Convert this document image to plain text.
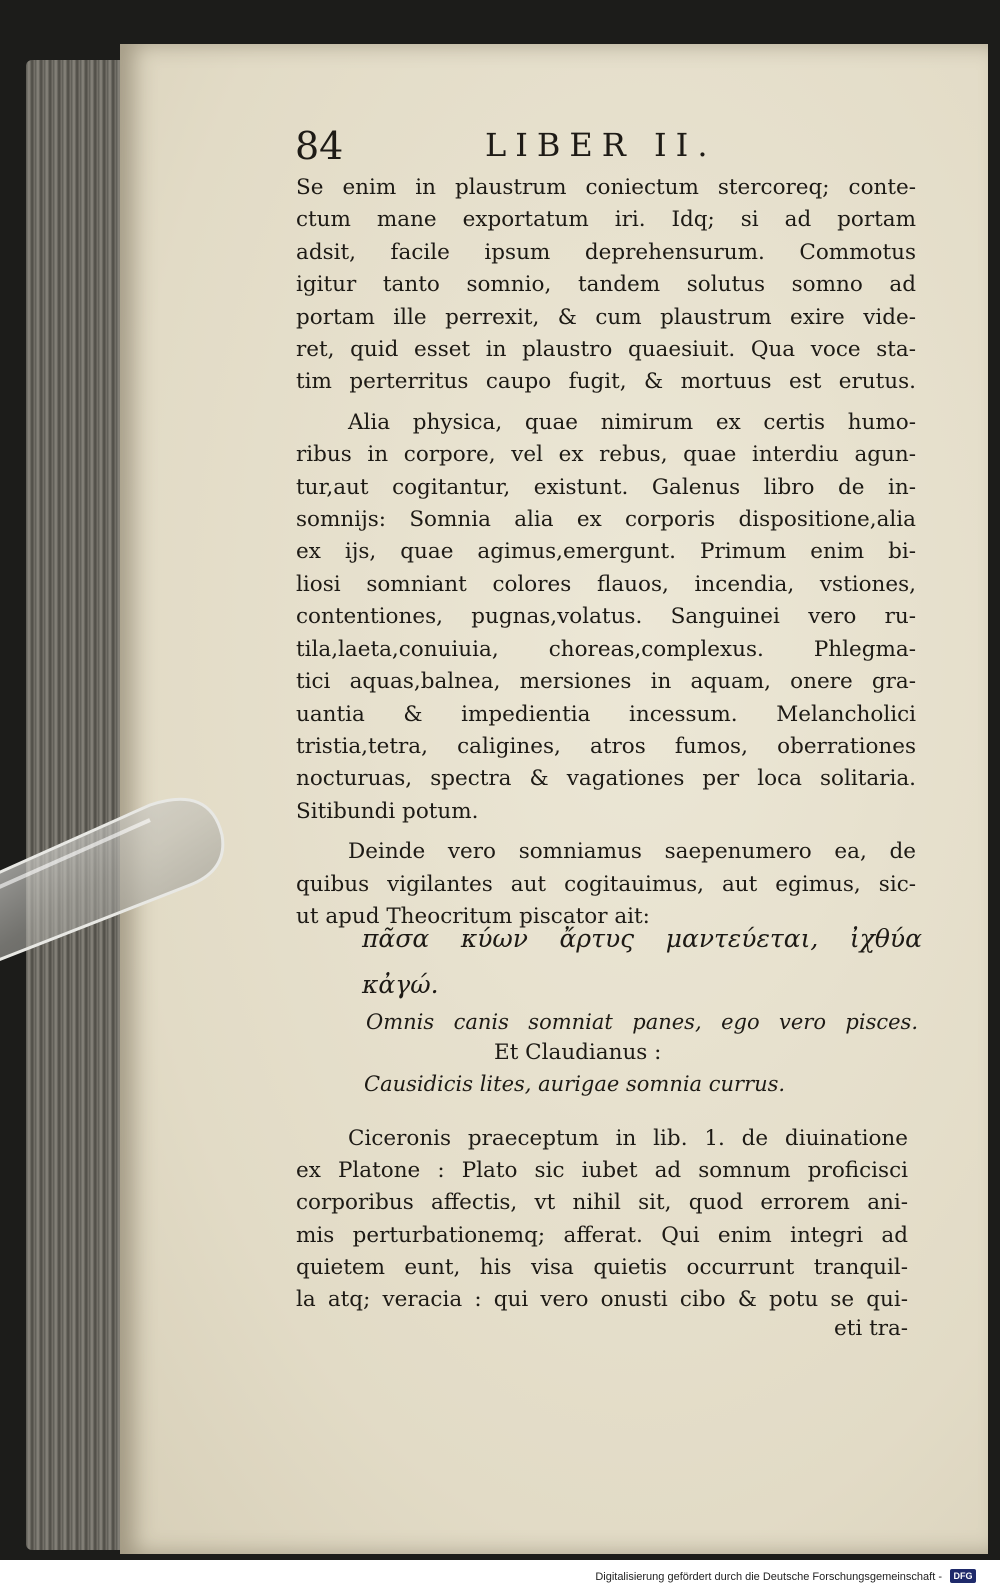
84	LIBER II.
Se enim in plaustrum coniectum stercoreq; conte-
ctum mane exportatum iri. Idq; si ad portam
adsit, facile ipsum deprehensurum. Commotus
igitur tanto somnio, tandem solutus somno ad
portam ille perrexit, & cum plaustrum exire vide-
ret, quid esset in plaustro quaesiuit. Qua voce sta-
tim perterritus caupo fugit, & mortuus est erutus.
Alia physica, quae nimirum ex certis humo-
ribus in corpore, vel ex rebus, quae interdiu agun-
tur,aut cogitantur, existunt. Galenus libro de in-
somnijs: Somnia alia ex corporis dispositione,alia
ex ijs, quae agimus,emergunt. Primum enim bi-
liosi somniant colores flauos, incendia, vstiones,
contentiones, pugnas,volatus. Sanguinei vero ru-
tila,laeta,conuiuia, choreas,complexus. Phlegma-
tici aquas,balnea, mersiones in aquam, onere gra-
uantia & impedientia incessum. Melancholici
tristia,tetra, caligines, atros fumos, oberrationes
nocturuas, spectra & vagationes per loca solitaria.
Sitibundi potum.
Deinde vero somniamus saepenumero ea, de
quibus vigilantes aut cogitauimus, aut egimus, sic-
ut apud Theocritum piscator ait:
πᾶσα κύων ἄρτυς μαντεύεται, ἰχθύα
κἀγώ.
Omnis canis somniat panes, ego vero pisces.
Et Claudianus :
Causidicis lites, aurigae somnia currus.
Ciceronis praeceptum in lib. 1. de diuinatione
ex Platone : Plato sic iubet ad somnum proficisci
corporibus affectis, vt nihil sit, quod errorem ani-
mis perturbationemq; afferat. Qui enim integri ad
quietem eunt, his visa quietis occurrunt tranquil-
la atq; veracia : qui vero onusti cibo & potu se qui-
eti tra-
Digitalisierung gefördert durch die Deutsche Forschungsgemeinschaft -	DFG
